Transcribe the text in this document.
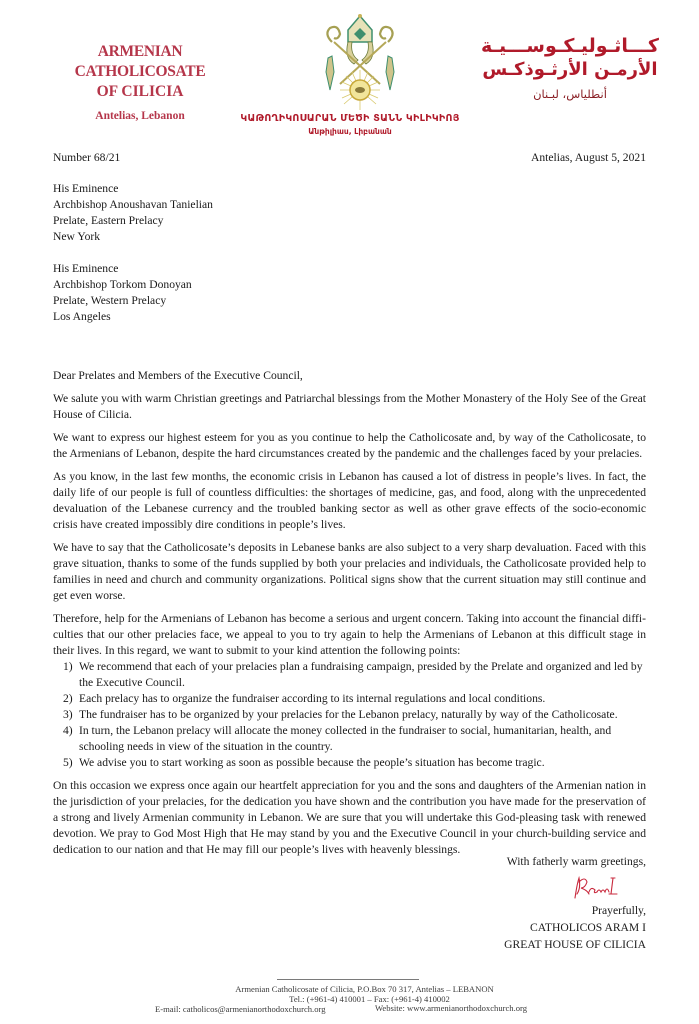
ARMENIAN CATHOLICOSATE
OF CILICIA
Antelias, Lebanon
كـــاثـوليـكـوســـيـة
الأرمـن الأرثـوذكـس
أنطلياس، لبـنان
ԿԱԹՈՂԻԿՈՍԱՐԱՆ ՄԵԾԻ ՏԱՆՆ ԿԻԼԻԿԻՈՅ
Անթիլիաս, Լիբանան
Number 68/21	Antelias, August 5, 2021
His Eminence
Archbishop Anoushavan Tanielian
Prelate, Eastern Prelacy
New York
His Eminence
Archbishop Torkom Donoyan
Prelate, Western Prelacy
Los Angeles
Dear Prelates and Members of the Executive Council,

We salute you with warm Christian greetings and Patriarchal blessings from the Mother Monastery of the Holy See of the Great House of Cilicia.

We want to express our highest esteem for you as you continue to help the Catholicosate and, by way of the Catholicosate, to the Armenians of Lebanon, despite the hard circumstances created by the pandemic and the challenges faced by your prelacies.

As you know, in the last few months, the economic crisis in Lebanon has caused a lot of distress in people’s lives. In fact, the daily life of our people is full of countless difficulties: the shortages of medicine, gas, and food, along with the unprecedented devaluation of the Lebanese currency and the troubled banking sector as well as other grave effects of the socio-economic crisis have created impossibly dire conditions in people’s lives.

We have to say that the Catholicosate’s deposits in Lebanese banks are also subject to a very sharp devaluation. Faced with this grave situation, thanks to some of the funds supplied by both your prelacies and individuals, the Catholicosate provided help to families in need and church and community organizations. Political signs show that the current situation may still continue and get even worse.

Therefore, help for the Armenians of Lebanon has become a serious and urgent concern. Taking into account the financial diffi-culties that our other prelacies face, we appeal to you to try again to help the Armenians of Lebanon at this difficult stage in their lives. In this regard, we want to submit to your kind attention the following points:

1) We recommend that each of your prelacies plan a fundraising campaign, presided by the Prelate and organized and led by the Executive Council.
2) Each prelacy has to organize the fundraiser according to its internal regulations and local conditions.
3) The fundraiser has to be organized by your prelacies for the Lebanon prelacy, naturally by way of the Catholicosate.
4) In turn, the Lebanon prelacy will allocate the money collected in the fundraiser to social, humanitarian, health, and schooling needs in view of the situation in the country.
5) We advise you to start working as soon as possible because the people’s situation has become tragic.

On this occasion we express once again our heartfelt appreciation for you and the sons and daughters of the Armenian nation in the jurisdiction of your prelacies, for the dedication you have shown and the contribution you have made for the preservation of a strong and lively Armenian community in Lebanon. We are sure that you will undertake this God-pleasing task with renewed devotion. We pray to God Most High that He may stand by you and the Executive Council in your church-building service and dedication to our nation and that He may fill our people’s lives with heavenly blessings.

With fatherly warm greetings,
Prayerfully,
CATHOLICOS ARAM I
GREAT HOUSE OF CILICIA
Armenian Catholicosate of Cilicia, P.O.Box 70 317, Antelias – LEBANON
Tel.: (+961-4) 410001 – Fax: (+961-4) 410002
E-mail: catholicos@armenianorthodoxchurch.org	Website: www.armenianorthodoxchurch.org
